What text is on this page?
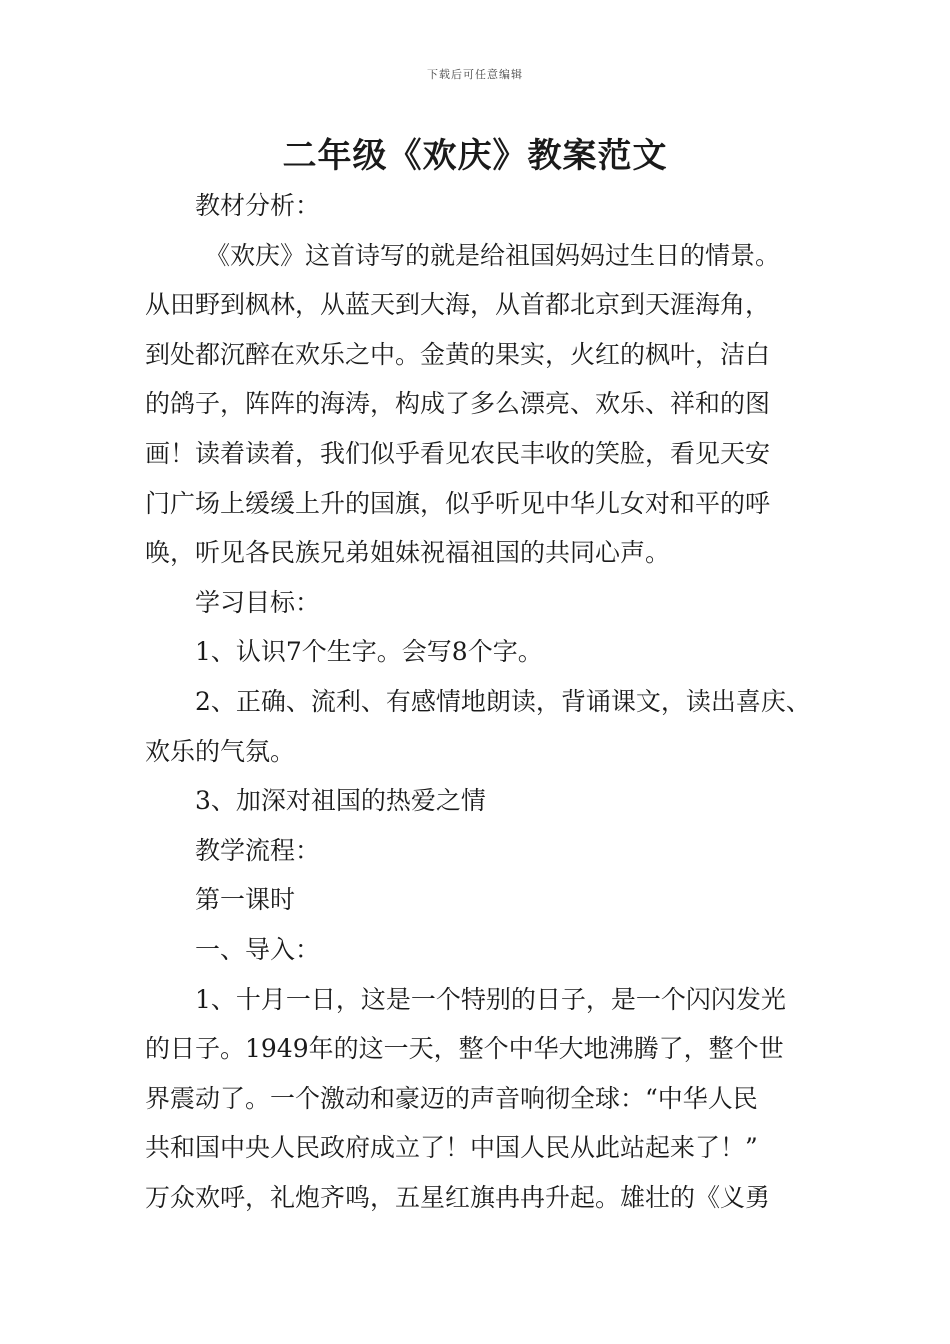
下载后可任意编辑
二年级《欢庆》教案范文
教材分析：
《欢庆》这首诗写的就是给祖国妈妈过生日的情景。
从田野到枫林，从蓝天到大海，从首都北京到天涯海角，
到处都沉醉在欢乐之中。金黄的果实，火红的枫叶，洁白
的鸽子，阵阵的海涛，构成了多么漂亮、欢乐、祥和的图
画！读着读着，我们似乎看见农民丰收的笑脸，看见天安
门广场上缓缓上升的国旗，似乎听见中华儿女对和平的呼
唤，听见各民族兄弟姐妹祝福祖国的共同心声。
学习目标：
1、认识7个生字。会写8个字。
2、正确、流利、有感情地朗读，背诵课文，读出喜庆、
欢乐的气氛。
3、加深对祖国的热爱之情
教学流程：
第一课时
一、导入：
1、十月一日，这是一个特别的日子，是一个闪闪发光
的日子。1949年的这一天，整个中华大地沸腾了，整个世
界震动了。一个激动和豪迈的声音响彻全球：“中华人民
共和国中央人民政府成立了！中国人民从此站起来了！”
万众欢呼，礼炮齐鸣，五星红旗冉冉升起。雄壮的《义勇
